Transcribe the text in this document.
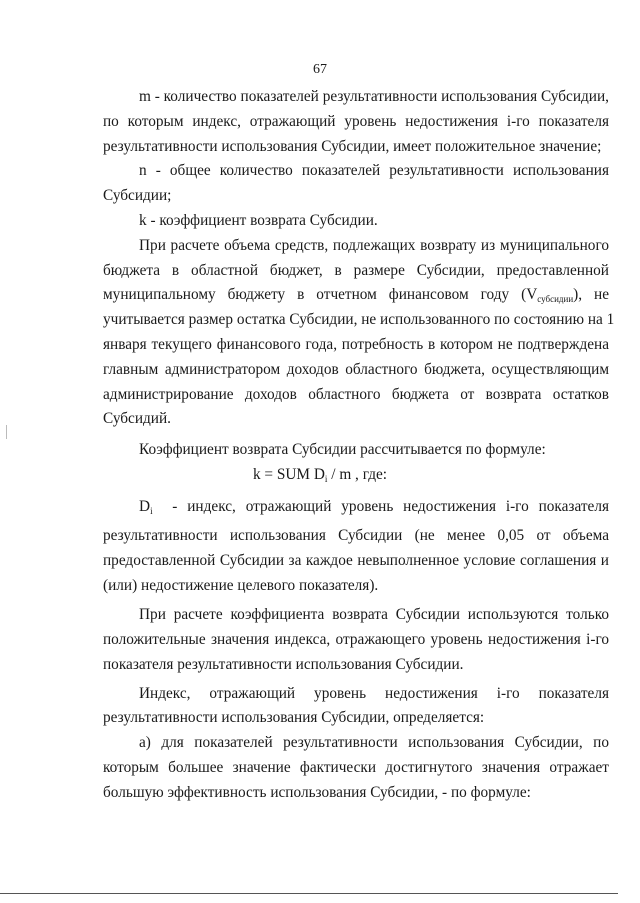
67
m - количество показателей результативности использования Субсидии,
по которым индекс, отражающий уровень недостижения i-го показателя
результативности использования Субсидии, имеет положительное значение;
n - общее количество показателей результативности использования
Субсидии;
k - коэффициент возврата Субсидии.
При расчете объема средств, подлежащих возврату из муниципального
бюджета в областной бюджет, в размере Субсидии, предоставленной
муниципальному бюджету в отчетном финансовом году (Vсубсидии), не
учитывается размер остатка Субсидии, не использованного по состоянию на 1
января текущего финансового года, потребность в котором не подтверждена
главным администратором доходов областного бюджета, осуществляющим
администрирование доходов областного бюджета от возврата остатков
Субсидий.
Коэффициент возврата Субсидии рассчитывается по формуле:
k = SUM Di / m , где:
Di - индекс, отражающий уровень недостижения i-го показателя
результативности использования Субсидии (не менее 0,05 от объема
предоставленной Субсидии за каждое невыполненное условие соглашения и
(или) недостижение целевого показателя).
При расчете коэффициента возврата Субсидии используются только
положительные значения индекса, отражающего уровень недостижения i-го
показателя результативности использования Субсидии.
Индекс, отражающий уровень недостижения i-го показателя
результативности использования Субсидии, определяется:
а) для показателей результативности использования Субсидии, по
которым большее значение фактически достигнутого значения отражает
большую эффективность использования Субсидии, - по формуле:
